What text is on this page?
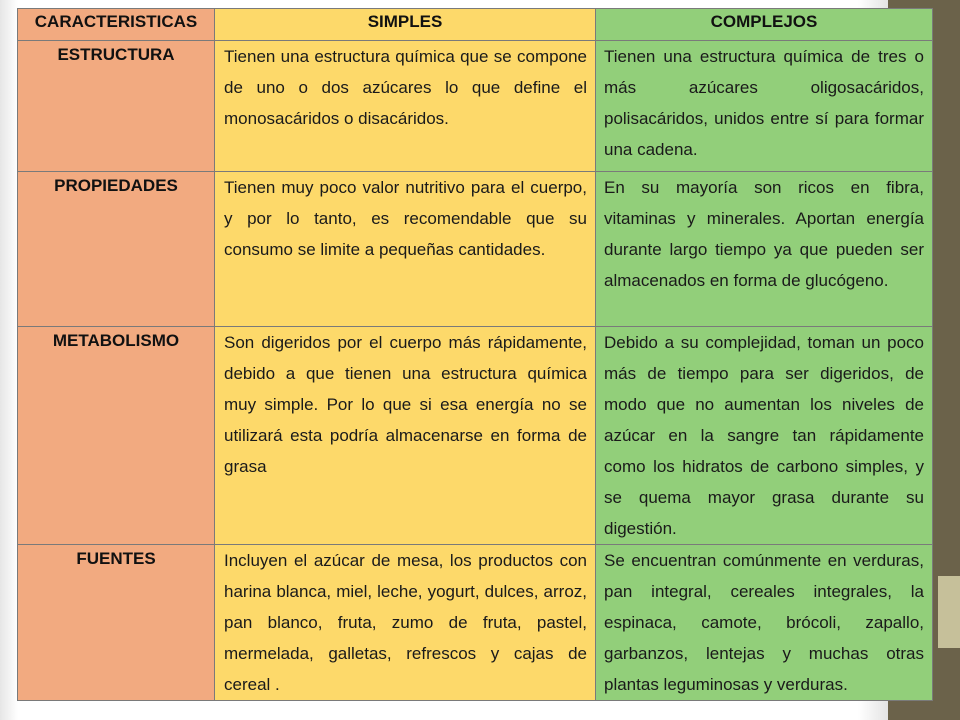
CARACTERISTICAS	SIMPLES	COMPLEJOS
ESTRUCTURA	Tienen una estructura química que se compone de uno o dos azúcares lo que define el monosacáridos o disacáridos.	Tienen una estructura química de tres o más azúcares oligosacáridos, polisacáridos, unidos entre sí para formar una cadena.
PROPIEDADES	Tienen muy poco valor nutritivo para el cuerpo, y por lo tanto, es recomendable que su consumo se limite a pequeñas cantidades.	En su mayoría son ricos en fibra, vitaminas y minerales. Aportan energía durante largo tiempo ya que pueden ser almacenados en forma de glucógeno.
METABOLISMO	Son digeridos por el cuerpo más rápidamente, debido a que tienen una estructura química muy simple. Por lo que si esa energía no se utilizará esta podría almacenarse en forma de grasa	Debido a su complejidad, toman un poco más de tiempo para ser digeridos, de modo que no aumentan los niveles de azúcar en la sangre tan rápidamente como los hidratos de carbono simples, y se quema mayor grasa durante su digestión.
FUENTES	Incluyen el azúcar de mesa, los productos con harina blanca, miel, leche, yogurt, dulces, arroz, pan blanco, fruta, zumo de fruta, pastel, mermelada, galletas, refrescos y cajas de cereal .	Se encuentran comúnmente en verduras, pan integral, cereales integrales, la espinaca, camote, brócoli, zapallo, garbanzos, lentejas y muchas otras plantas leguminosas y verduras.
